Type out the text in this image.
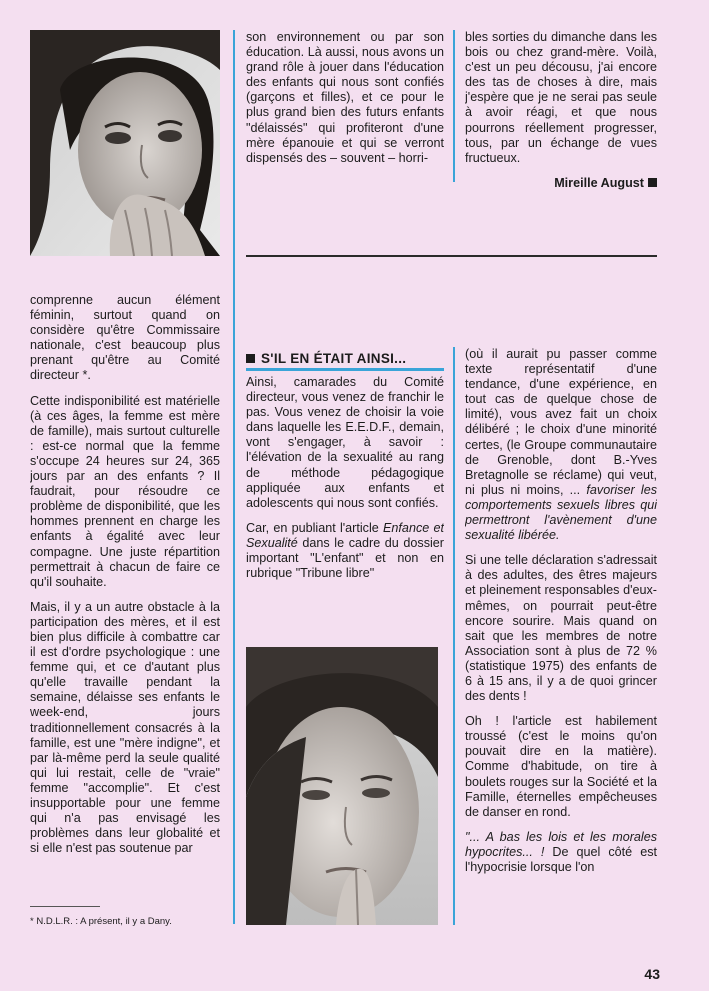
comprenne aucun élément féminin, surtout quand on considère qu'être Commissaire nationale, c'est beaucoup plus prenant qu'être au Comité directeur *.

Cette indisponibilité est matérielle (à ces âges, la femme est mère de famille), mais surtout culturelle : est-ce normal que la femme s'occupe 24 heures sur 24, 365 jours par an des enfants ? Il faudrait, pour résoudre ce problème de disponibilité, que les hommes prennent en charge les enfants à égalité avec leur compagne. Une juste répartition permettrait à chacun de faire ce qu'il souhaite.

Mais, il y a un autre obstacle à la participation des mères, et il est bien plus difficile à combattre car il est d'ordre psychologique : une femme qui, et ce d'autant plus qu'elle travaille pendant la semaine, délaisse ses enfants le week-end, jours traditionnellement consacrés à la famille, est une "mère indigne", et par là-même perd la seule qualité qui lui restait, celle de "vraie" femme "accomplie". Et c'est insupportable pour une femme qui n'a pas envisagé les problèmes dans leur globalité et si elle n'est pas soutenue par

son environnement ou par son éducation. Là aussi, nous avons un grand rôle à jouer dans l'éducation des enfants qui nous sont confiés (garçons et filles), et ce pour le plus grand bien des futurs enfants "délaissés" qui profiteront d'une mère épanouie et qui se verront dispensés des – souvent – horri-

bles sorties du dimanche dans les bois ou chez grand-mère. Voilà, c'est un peu décousu, j'ai encore des tas de choses à dire, mais j'espère que je ne serai pas seule à avoir réagi, et que nous pourrons réellement progresser, tous, par un échange de vues fructueux.

Mireille August
S'IL EN ÉTAIT AINSI...

Ainsi, camarades du Comité directeur, vous venez de franchir le pas. Vous venez de choisir la voie dans laquelle les E.E.D.F., demain, vont s'engager, à savoir : l'élévation de la sexualité au rang de méthode pédagogique appliquée aux enfants et adolescents qui nous sont confiés.

Car, en publiant l'article Enfance et Sexualité dans le cadre du dossier important "L'enfant" et non en rubrique "Tribune libre"

(où il aurait pu passer comme texte représentatif d'une tendance, d'une expérience, en tout cas de quelque chose de limité), vous avez fait un choix délibéré ; le choix d'une minorité certes, (le Groupe communautaire de Grenoble, dont B.-Yves Bretagnolle se réclame) qui veut, ni plus ni moins, ... favoriser les comportements sexuels libres qui permettront l'avènement d'une sexualité libérée.

Si une telle déclaration s'adressait à des adultes, des êtres majeurs et pleinement responsables d'eux-mêmes, on pourrait peut-être encore sourire. Mais quand on sait que les membres de notre Association sont à plus de 72 % (statistique 1975) des enfants de 6 à 15 ans, il y a de quoi grincer des dents !

Oh ! l'article est habilement troussé (c'est le moins qu'on pouvait dire en la matière). Comme d'habitude, on tire à boulets rouges sur la Société et la Famille, éternelles empêcheuses de danser en rond.

"... A bas les lois et les morales hypocrites... ! De quel côté est l'hypocrisie lorsque l'on

* N.D.L.R. : A présent, il y a Dany.
43
